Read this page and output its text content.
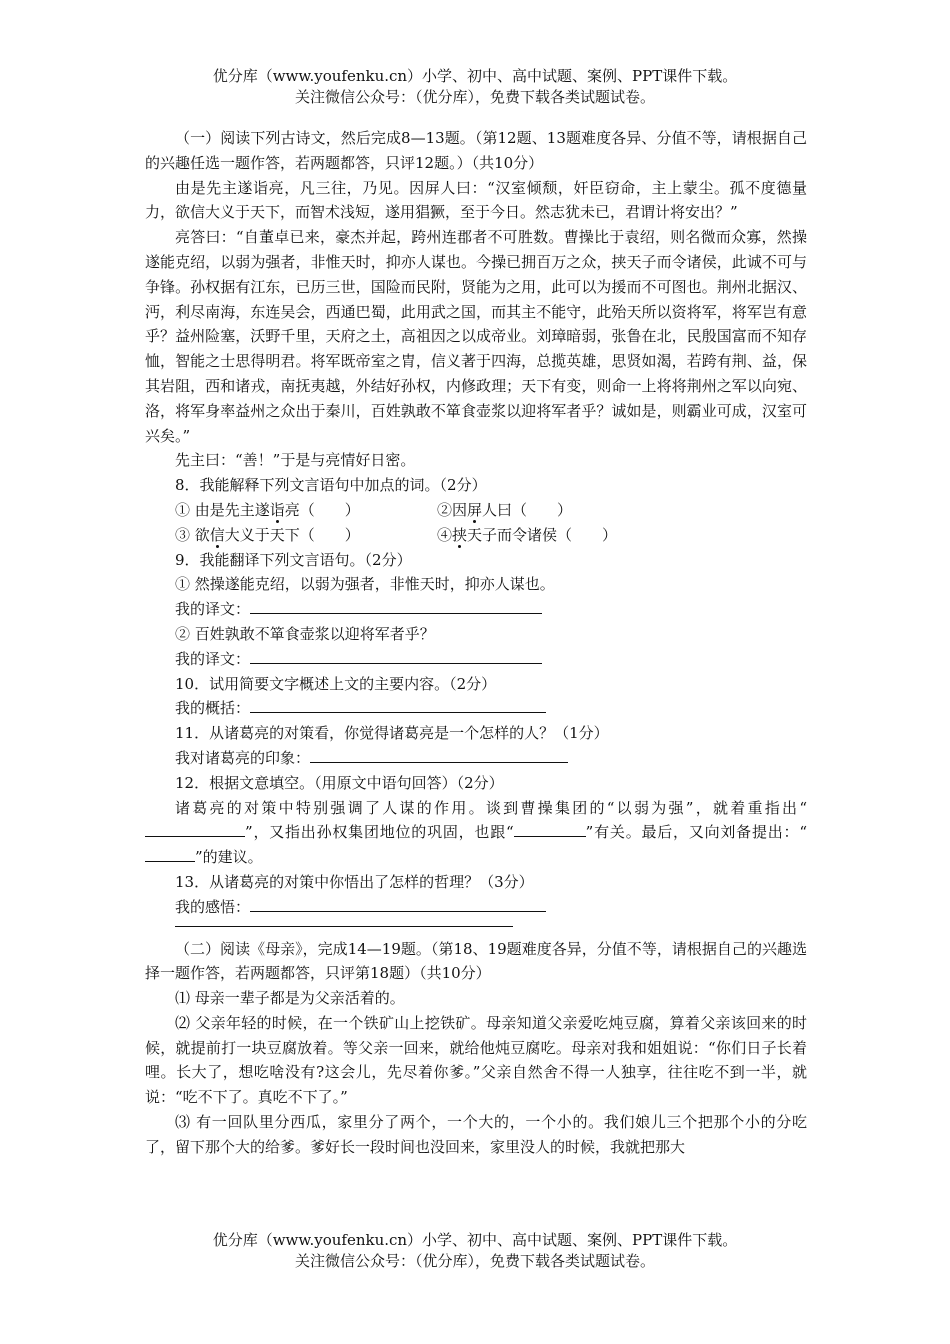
优分库（www.youfenku.cn）小学、初中、高中试题、案例、PPT课件下载。
关注微信公众号：（优分库），免费下载各类试题试卷。

（一）阅读下列古诗文，然后完成8—13题。（第12题、13题难度各异、分值不等，请根据自己的兴趣任选一题作答，若两题都答，只评12题。）（共10分）

由是先主遂诣亮，凡三往，乃见。因屏人曰：“汉室倾颓，奸臣窃命，主上蒙尘。孤不度德量力，欲信大义于天下，而智术浅短，遂用猖獗，至于今日。然志犹未已，君谓计将安出？”

亮答曰：“自董卓已来，豪杰并起，跨州连郡者不可胜数。曹操比于袁绍，则名微而众寡，然操遂能克绍，以弱为强者，非惟天时，抑亦人谋也。今操已拥百万之众，挟天子而令诸侯，此诚不可与争锋。孙权据有江东，已历三世，国险而民附，贤能为之用，此可以为援而不可图也。荆州北据汉、沔，利尽南海，东连吴会，西通巴蜀，此用武之国，而其主不能守，此殆天所以资将军，将军岂有意乎？益州险塞，沃野千里，天府之土，高祖因之以成帝业。刘璋暗弱，张鲁在北，民殷国富而不知存恤，智能之士思得明君。将军既帝室之胄，信义著于四海，总揽英雄，思贤如渴，若跨有荆、益，保其岩阻，西和诸戎，南抚夷越，外结好孙权，内修政理；天下有变，则命一上将将荆州之军以向宛、洛，将军身率益州之众出于秦川，百姓孰敢不箪食壶浆以迎将军者乎？诚如是，则霸业可成，汉室可兴矣。”

先主曰：“善！”于是与亮情好日密。

8．我能解释下列文言语句中加点的词。（2分）

① 由是先主遂诣亮（　　）	②因屏人曰（　　）
③ 欲信大义于天下（　　）	④挟天子而令诸侯（　　）

9．我能翻译下列文言语句。（2分）

① 然操遂能克绍，以弱为强者，非惟天时，抑亦人谋也。

我的译文：

② 百姓孰敢不箪食壶浆以迎将军者乎？

我的译文：

10．试用简要文字概述上文的主要内容。（2分）

我的概括：

11．从诸葛亮的对策看，你觉得诸葛亮是一个怎样的人？（1分）

我对诸葛亮的印象：

12．根据文意填空。（用原文中语句回答）（2分）

诸葛亮的对策中特别强调了人谋的作用。谈到曹操集团的“以弱为强”，就着重指出“”，又指出孙权集团地位的巩固，也跟“	”有关。最后，又向刘备提出：“”的建议。

13．从诸葛亮的对策中你悟出了怎样的哲理？（3分）

我的感悟：

（二）阅读《母亲》，完成14—19题。（第18、19题难度各异，分值不等，请根据自己的兴趣选择一题作答，若两题都答，只评第18题）（共10分）

⑴ 母亲一辈子都是为父亲活着的。

⑵ 父亲年轻的时候，在一个铁矿山上挖铁矿。母亲知道父亲爱吃炖豆腐，算着父亲该回来的时候，就提前打一块豆腐放着。等父亲一回来，就给他炖豆腐吃。母亲对我和姐姐说：“你们日子长着哩。长大了，想吃啥没有?这会儿，先尽着你爹。”父亲自然舍不得一人独享，往往吃不到一半，就说：“吃不下了。真吃不下了。”

⑶ 有一回队里分西瓜，家里分了两个，一个大的，一个小的。我们娘儿三个把那个小的分吃了，留下那个大的给爹。爹好长一段时间也没回来，家里没人的时候，我就把那大

优分库（www.youfenku.cn）小学、初中、高中试题、案例、PPT课件下载。
关注微信公众号：（优分库），免费下载各类试题试卷。
